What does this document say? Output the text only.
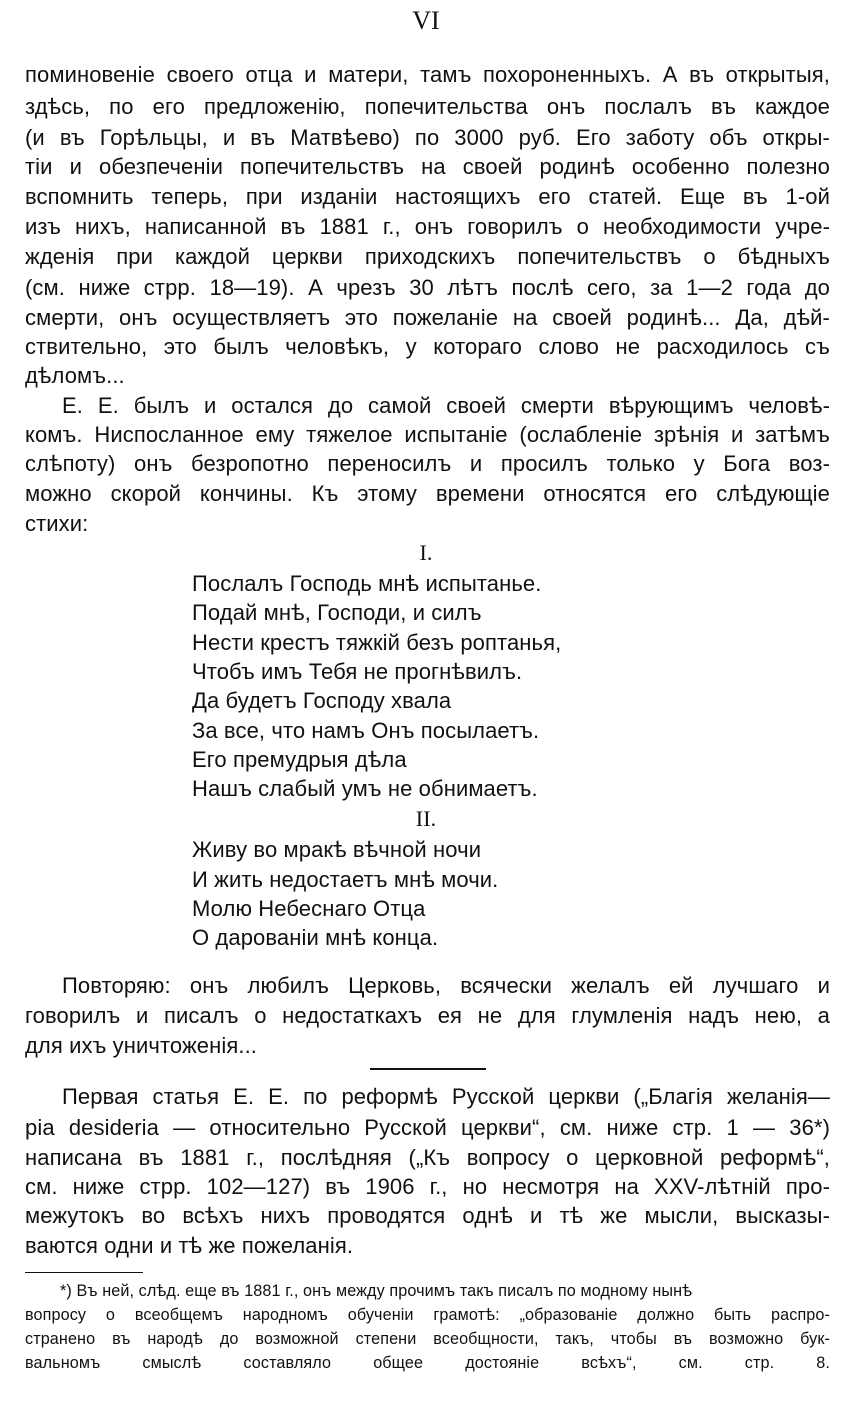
VI
поминовеніе своего отца и матери, тамъ похороненныхъ. А въ открытыя,
здѣсь, по его предложенію, попечительства онъ послалъ въ каждое
(и въ Горѣльцы, и въ Матвѣево) по 3000 руб. Его заботу объ откры-
тіи и обезпеченіи попечительствъ на своей родинѣ особенно полезно
вспомнить теперь, при изданіи настоящихъ его статей. Еще въ 1-ой
изъ нихъ, написанной въ 1881 г., онъ говорилъ о необходимости учре-
жденія при каждой церкви приходскихъ попечительствъ о бѣдныхъ
(см. ниже стрр. 18—19). А чрезъ 30 лѣтъ послѣ сего, за 1—2 года до
смерти, онъ осуществляетъ это пожеланіе на своей родинѣ... Да, дѣй-
ствительно, это былъ человѣкъ, у котораго слово не расходилось съ
дѣломъ...
Е. Е. былъ и остался до самой своей смерти вѣрующимъ человѣ-
комъ. Ниспосланное ему тяжелое испытаніе (ослабленіе зрѣнія и затѣмъ
слѣпоту) онъ безропотно переносилъ и просилъ только у Бога воз-
можно скорой кончины. Къ этому времени относятся его слѣдующіе
стихи:
I.
Послалъ Господь мнѣ испытанье.
Подай мнѣ, Господи, и силъ
Нести крестъ тяжкій безъ роптанья,
Чтобъ имъ Тебя не прогнѣвилъ.
Да будетъ Господу хвала
За все, что намъ Онъ посылаетъ.
Его премудрыя дѣла
Нашъ слабый умъ не обнимаетъ.
II.
Живу во мракѣ вѣчной ночи
И жить недостаетъ мнѣ мочи.
Молю Небеснаго Отца
О дарованіи мнѣ конца.
Повторяю: онъ любилъ Церковь, всячески желалъ ей лучшаго и
говорилъ и писалъ о недостаткахъ ея не для глумленія надъ нею, а
для ихъ уничтоженія...
Первая статья Е. Е. по реформѣ Русской церкви („Благія желанія—
pia desideria — относительно Русской церкви“, см. ниже стр. 1 — 36*)
написана въ 1881 г., послѣдняя („Къ вопросу о церковной реформѣ“,
см. ниже стрр. 102—127) въ 1906 г., но несмотря на XXV-лѣтній про-
межутокъ во всѣхъ нихъ проводятся однѣ и тѣ же мысли, высказы-
ваются одни и тѣ же пожеланія.
*) Въ ней, слѣд. еще въ 1881 г., онъ между прочимъ такъ писалъ по модному нынѣ
вопросу о всеобщемъ народномъ обученіи грамотѣ: „образованіе должно быть распро-
странено въ народѣ до возможной степени всеобщности, такъ, чтобы въ возможно бук-
вальномъ смыслѣ составляло общее достояніе всѣхъ“, см. стр. 8.
